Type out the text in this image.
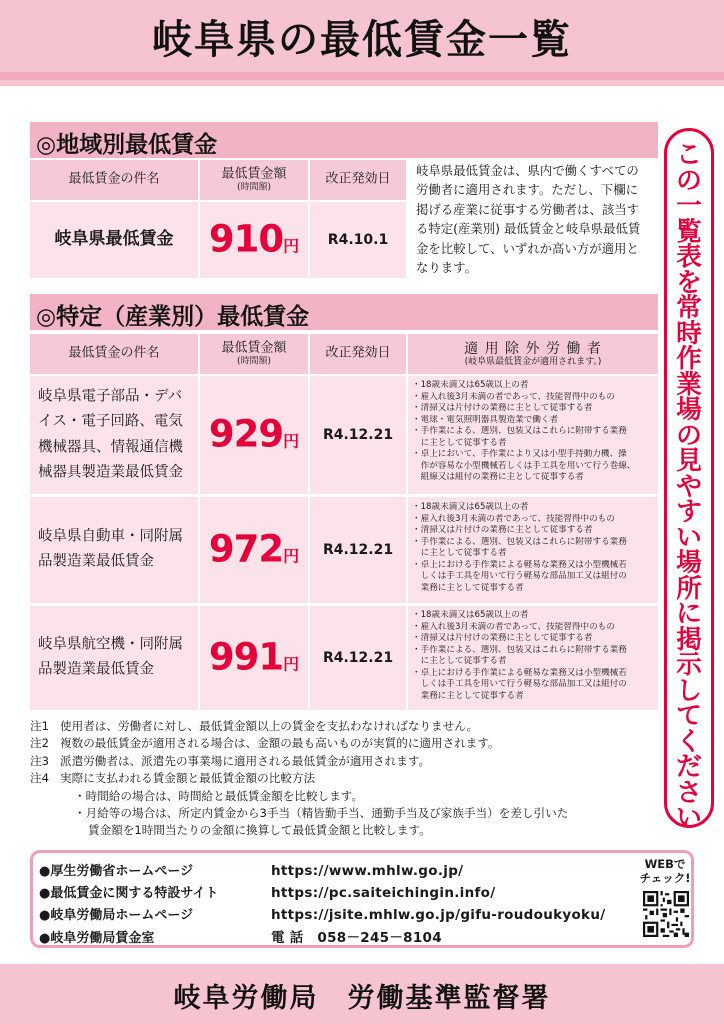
岐阜県の最低賃金一覧
◎地域別最低賃金
最低賃金の件名	最低賃金額
(時間額)
改正発効日
岐阜県最低賃金 910円	R4.10.1
岐阜県最低賃金は、県内で働くすべての
労働者に適用されます。ただし、下欄に
掲げる産業に従事する労働者は、該当す
る特定(産業別) 最低賃金と岐阜県最低賃
金を比較して、いずれか高い方が適用と
なります。
◎特定（産業別）最低賃金
最低賃金の件名	最低賃金額
(時間額)
改正発効日	適 用 除 外 労 働 者
(岐阜県最低賃金が適用されます。)
岐阜県電子部品・デバ
イス・電子回路、電気
機械器具、情報通信機
械器具製造業最低賃金
929円	R4.12.21
・18歳未満又は65歳以上の者
・雇入れ後3月未満の者であって、技能習得中のもの
・清掃又は片付けの業務に主として従事する者
・電球・電気照明器具製造業で働く者
・手作業による、選別、包装又はこれらに附帯する業務
　に主として従事する者
・卓上において、手作業により又は小型手持動力機、操
　作が容易な小型機械若しくは手工具を用いて行う巻線、
　組線又は組付の業務に主として従事する者
岐阜県自動車・同附属
品製造業最低賃金	972円	R4.12.21
・18歳未満又は65歳以上の者
・雇入れ後3月未満の者であって、技能習得中のもの
・清掃又は片付けの業務に主として従事する者
・手作業による、選別、包装又はこれらに附帯する業務
　に主として従事する者
・卓上における手作業による軽易な業務又は小型機械若
　しくは手工具を用いて行う軽易な部品加工又は組付の
　業務に主として従事する者
岐阜県航空機・同附属
品製造業最低賃金	991円	R4.12.21
・18歳未満又は65歳以上の者
・雇入れ後3月未満の者であって、技能習得中のもの
・清掃又は片付けの業務に主として従事する者
・手作業による、選別、包装又はこれらに附帯する業務
　に主として従事する者
・卓上における手作業による軽易な業務又は小型機械若
　しくは手工具を用いて行う軽易な部品加工又は組付の
　業務に主として従事する者
注1 使用者は、労働者に対し、最低賃金額以上の賃金を支払わなければなりません。
注2 複数の最低賃金が適用される場合は、金額の最も高いものが実質的に適用されます。
注3 派遣労働者は、派遣先の事業場に適用される最低賃金が適用されます。
注4 実際に支払われる賃金額と最低賃金額の比較方法
・時間給の場合は、時間給と最低賃金額を比較します。
・月給等の場合は、所定内賃金から3手当（精皆勤手当、通勤手当及び家族手当）を差し引いた
賃金額を1時間当たりの金額に換算して最低賃金額と比較します。
●厚生労働省ホームページ	https://www.mhlw.go.jp/
●最低賃金に関する特設サイト	https://pc.saiteichingin.info/
●岐阜労働局ホームページ	https://jsite.mhlw.go.jp/gifu-roudoukyoku/
●岐阜労働局賃金室	電 話　058－245－8104
WEBで
チェック!
この一覧表を常時作業場の見やすい場所に掲示してください
岐阜労働局　労働基準監督署
